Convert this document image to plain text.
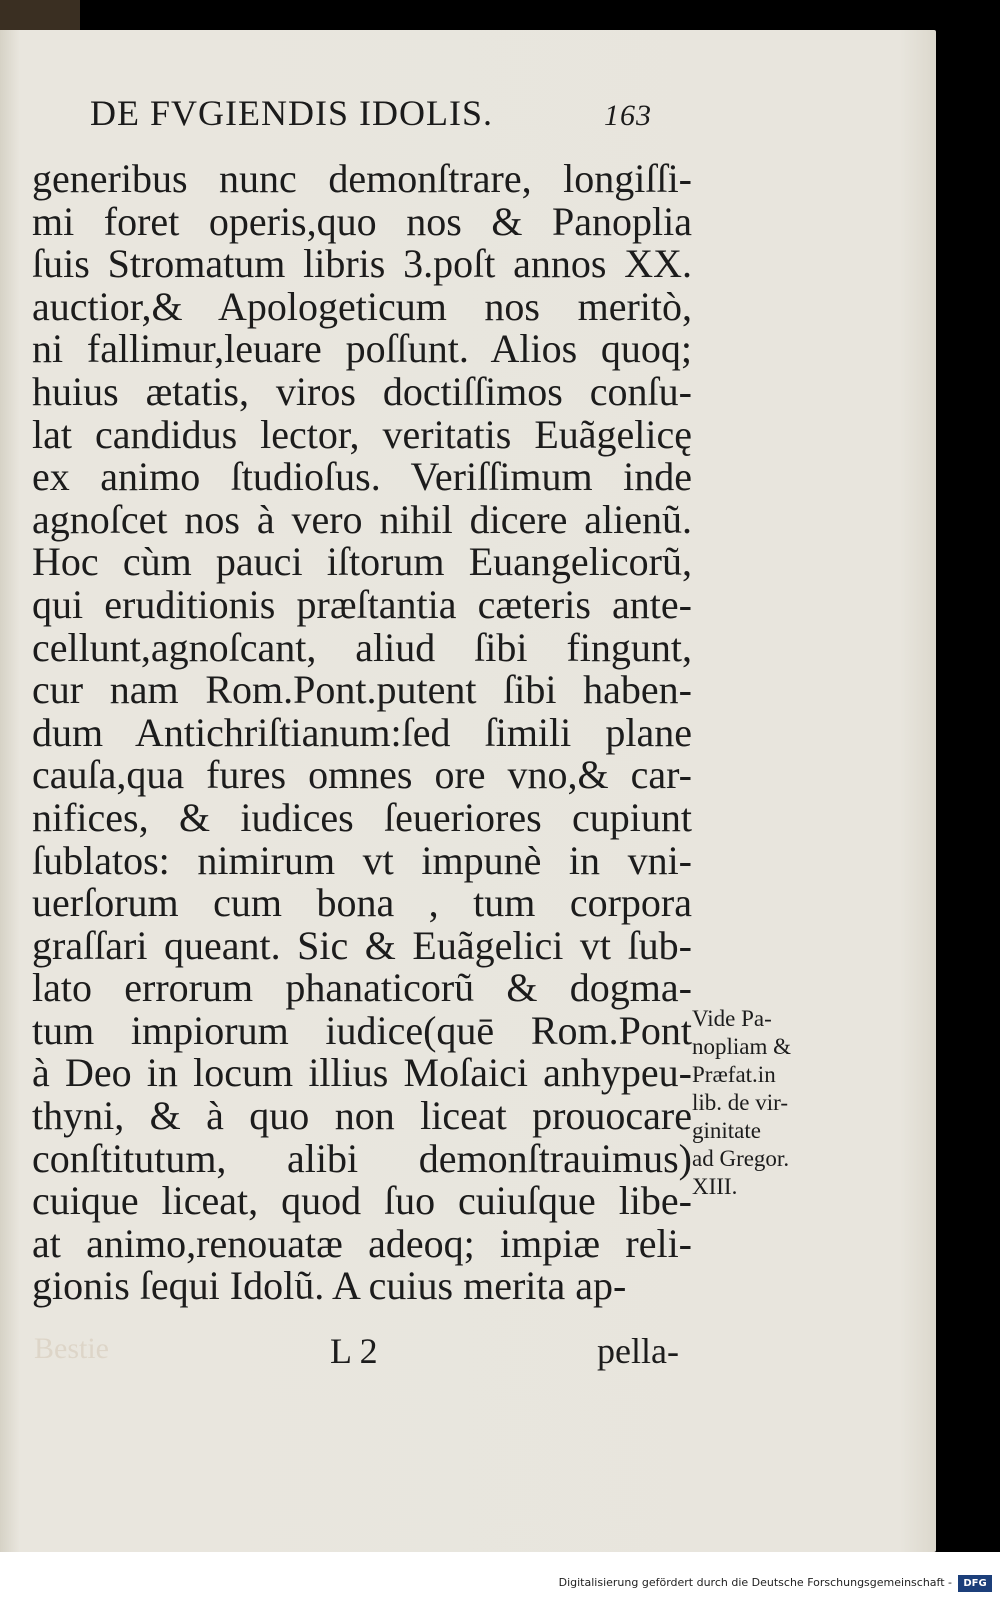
DE FVGIENDIS IDOLIS.	163
generibus nunc demonſtrare, longiſſi-
mi foret operis,quo nos & Panoplia
ſuis Stromatum libris 3.poſt annos XX.
auctior,& Apologeticum nos meritò,
ni fallimur,leuare poſſunt. Alios quoq;
huius ætatis, viros doctiſſimos conſu-
lat candidus lector, veritatis Euãgelicę
ex animo ſtudioſus. Veriſſimum inde
agnoſcet nos à vero nihil dicere alienũ.
Hoc cùm pauci iſtorum Euangelicorũ,
qui eruditionis præſtantia cæteris ante-
cellunt,agnoſcant, aliud ſibi fingunt,
cur nam Rom.Pont.putent ſibi haben-
dum Antichriſtianum:ſed ſimili plane
cauſa,qua fures omnes ore vno,& car-
nifices, & iudices ſeueriores cupiunt
ſublatos: nimirum vt impunè in vni-
uerſorum cum bona , tum corpora
graſſari queant. Sic & Euãgelici vt ſub-
lato errorum phanaticorũ & dogma-
tum impiorum iudice(quē Rom.Pont
à Deo in locum illius Moſaici anhypeu-
thyni, & à quo non liceat prouocare
conſtitutum, alibi demonſtrauimus)
cuique liceat, quod ſuo cuiuſque libe-
at animo,renouatæ adeoq; impiæ reli-
gionis ſequi Idolũ. A cuius merita ap-
Vide Pa-
nopliam &
Præfat.in
lib. de vir-
ginitate
ad Gregor.
XIII.
Bestie	L 2	pella-
Digitalisierung gefördert durch die Deutsche Forschungsgemeinschaft -	DFG
